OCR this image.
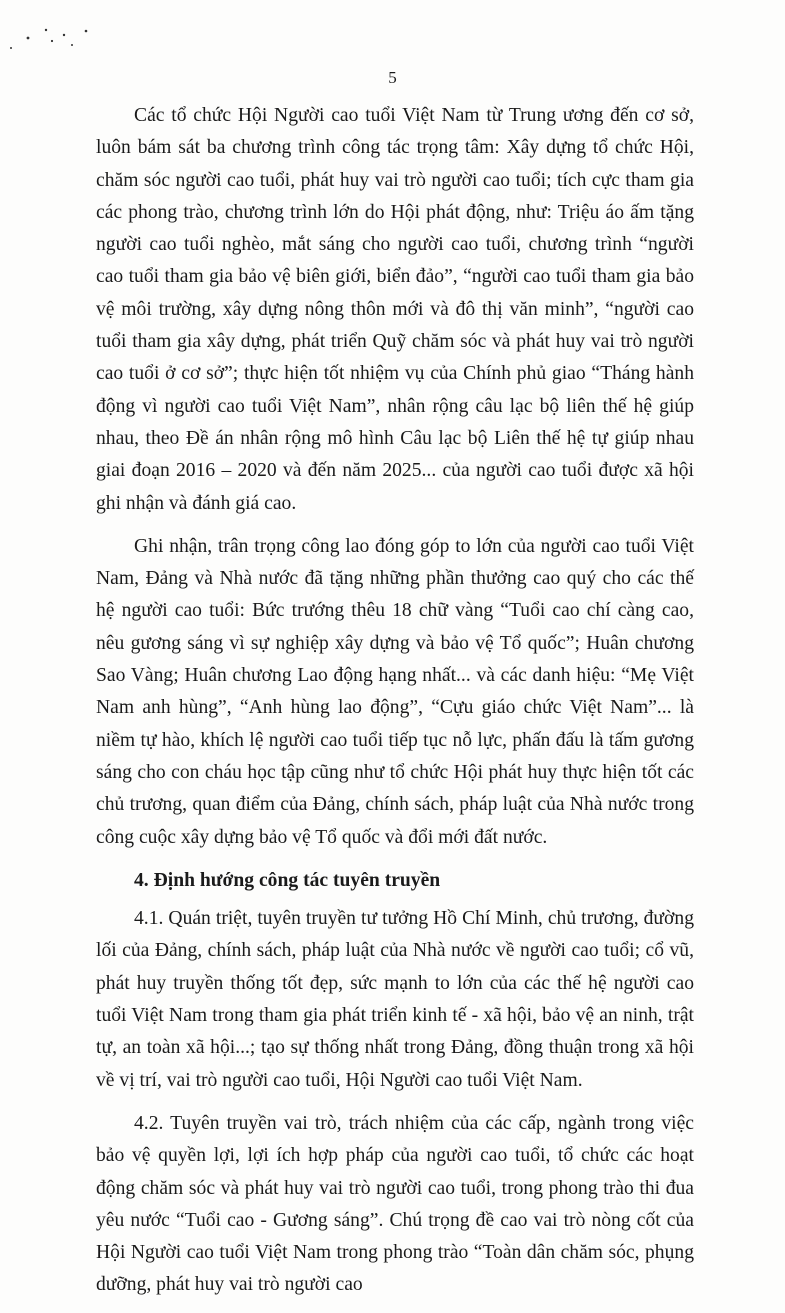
5

Các tổ chức Hội Người cao tuổi Việt Nam từ Trung ương đến cơ sở, luôn bám sát ba chương trình công tác trọng tâm: Xây dựng tổ chức Hội, chăm sóc người cao tuổi, phát huy vai trò người cao tuổi; tích cực tham gia các phong trào, chương trình lớn do Hội phát động, như: Triệu áo ấm tặng người cao tuổi nghèo, mắt sáng cho người cao tuổi, chương trình “người cao tuổi tham gia bảo vệ biên giới, biển đảo”, “người cao tuổi tham gia bảo vệ môi trường, xây dựng nông thôn mới và đô thị văn minh”, “người cao tuổi tham gia xây dựng, phát triển Quỹ chăm sóc và phát huy vai trò người cao tuổi ở cơ sở”; thực hiện tốt nhiệm vụ của Chính phủ giao “Tháng hành động vì người cao tuổi Việt Nam”, nhân rộng câu lạc bộ liên thế hệ giúp nhau, theo Đề án nhân rộng mô hình Câu lạc bộ Liên thế hệ tự giúp nhau giai đoạn 2016 – 2020 và đến năm 2025... của người cao tuổi được xã hội ghi nhận và đánh giá cao.

Ghi nhận, trân trọng công lao đóng góp to lớn của người cao tuổi Việt Nam, Đảng và Nhà nước đã tặng những phần thưởng cao quý cho các thế hệ người cao tuổi: Bức trướng thêu 18 chữ vàng “Tuổi cao chí càng cao, nêu gương sáng vì sự nghiệp xây dựng và bảo vệ Tổ quốc”; Huân chương Sao Vàng; Huân chương Lao động hạng nhất... và các danh hiệu: “Mẹ Việt Nam anh hùng”, “Anh hùng lao động”, “Cựu giáo chức Việt Nam”... là niềm tự hào, khích lệ người cao tuổi tiếp tục nỗ lực, phấn đấu là tấm gương sáng cho con cháu học tập cũng như tổ chức Hội phát huy thực hiện tốt các chủ trương, quan điểm của Đảng, chính sách, pháp luật của Nhà nước trong công cuộc xây dựng bảo vệ Tổ quốc và đổi mới đất nước.

4. Định hướng công tác tuyên truyền

4.1. Quán triệt, tuyên truyền tư tưởng Hồ Chí Minh, chủ trương, đường lối của Đảng, chính sách, pháp luật của Nhà nước về người cao tuổi; cổ vũ, phát huy truyền thống tốt đẹp, sức mạnh to lớn của các thế hệ người cao tuổi Việt Nam trong tham gia phát triển kinh tế - xã hội, bảo vệ an ninh, trật tự, an toàn xã hội...; tạo sự thống nhất trong Đảng, đồng thuận trong xã hội về vị trí, vai trò người cao tuổi, Hội Người cao tuổi Việt Nam.

4.2. Tuyên truyền vai trò, trách nhiệm của các cấp, ngành trong việc bảo vệ quyền lợi, lợi ích hợp pháp của người cao tuổi, tổ chức các hoạt động chăm sóc và phát huy vai trò người cao tuổi, trong phong trào thi đua yêu nước “Tuổi cao - Gương sáng”. Chú trọng đề cao vai trò nòng cốt của Hội Người cao tuổi Việt Nam trong phong trào “Toàn dân chăm sóc, phụng dưỡng, phát huy vai trò người cao
